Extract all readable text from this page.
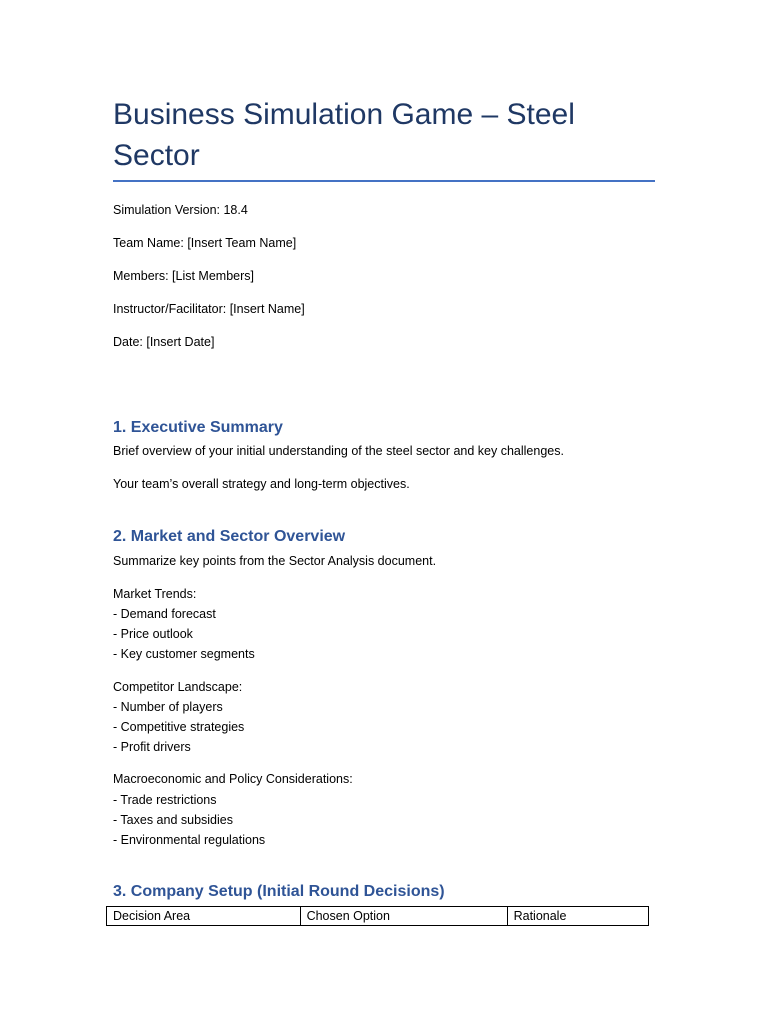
Business Simulation Game – Steel Sector
Simulation Version: 18.4
Team Name: [Insert Team Name]
Members: [List Members]
Instructor/Facilitator: [Insert Name]
Date: [Insert Date]
1. Executive Summary
Brief overview of your initial understanding of the steel sector and key challenges.
Your team’s overall strategy and long-term objectives.
2. Market and Sector Overview
Summarize key points from the Sector Analysis document.
Market Trends:
- Demand forecast
- Price outlook
- Key customer segments
Competitor Landscape:
- Number of players
- Competitive strategies
- Profit drivers
Macroeconomic and Policy Considerations:
- Trade restrictions
- Taxes and subsidies
- Environmental regulations
3. Company Setup (Initial Round Decisions)
Decision Area	Chosen Option	Rationale
